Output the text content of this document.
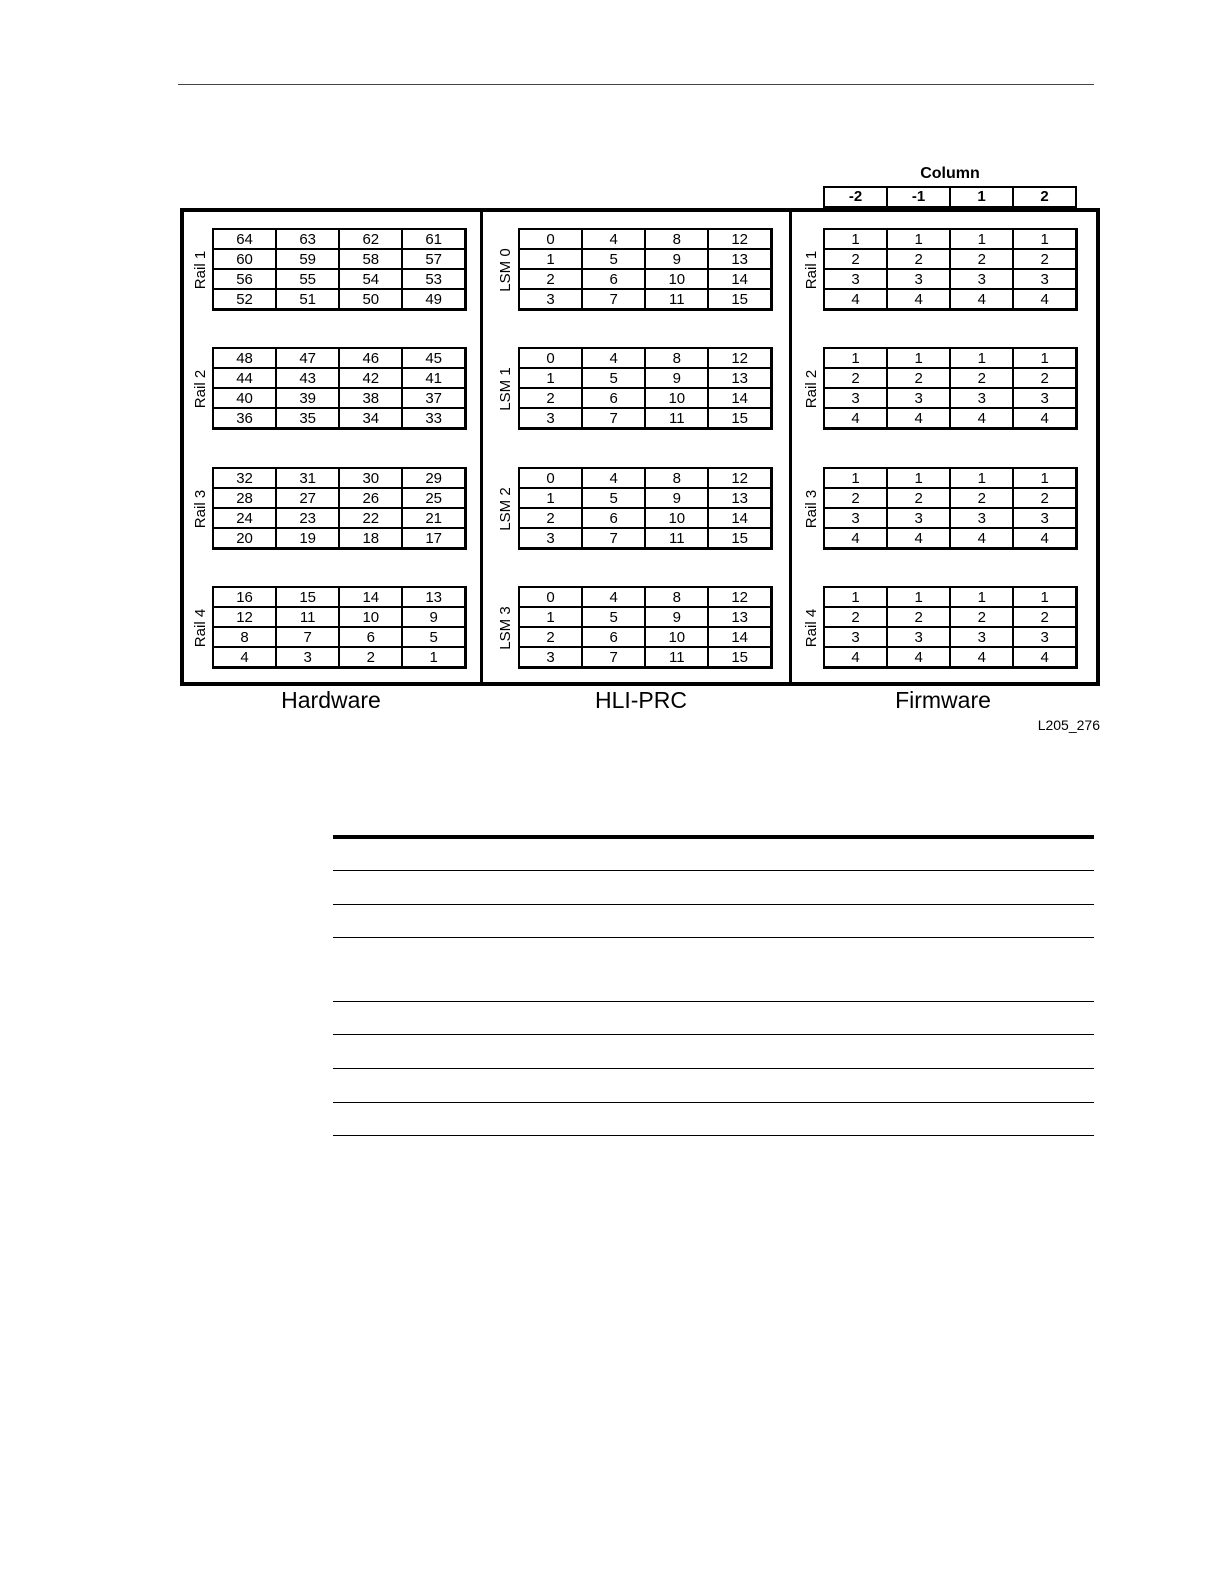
Column
-2	-1	1	2
Rail 1
64	63	62	61
60	59	58	57
56	55	54	53
52	51	50	49
Rail 2
48	47	46	45
44	43	42	41
40	39	38	37
36	35	34	33
Rail 3
32	31	30	29
28	27	26	25
24	23	22	21
20	19	18	17
Rail 4
16	15	14	13
12	11	10	9
8	7	6	5
4	3	2	1
Hardware
LSM 0
0	4	8	12
1	5	9	13
2	6	10	14
3	7	11	15
LSM 1
0	4	8	12
1	5	9	13
2	6	10	14
3	7	11	15
LSM 2
0	4	8	12
1	5	9	13
2	6	10	14
3	7	11	15
LSM 3
0	4	8	12
1	5	9	13
2	6	10	14
3	7	11	15
HLI-PRC
Rail 1
1	1	1	1
2	2	2	2
3	3	3	3
4	4	4	4
Rail 2
1	1	1	1
2	2	2	2
3	3	3	3
4	4	4	4
Rail 3
1	1	1	1
2	2	2	2
3	3	3	3
4	4	4	4
Rail 4
1	1	1	1
2	2	2	2
3	3	3	3
4	4	4	4
Firmware
L205_276
